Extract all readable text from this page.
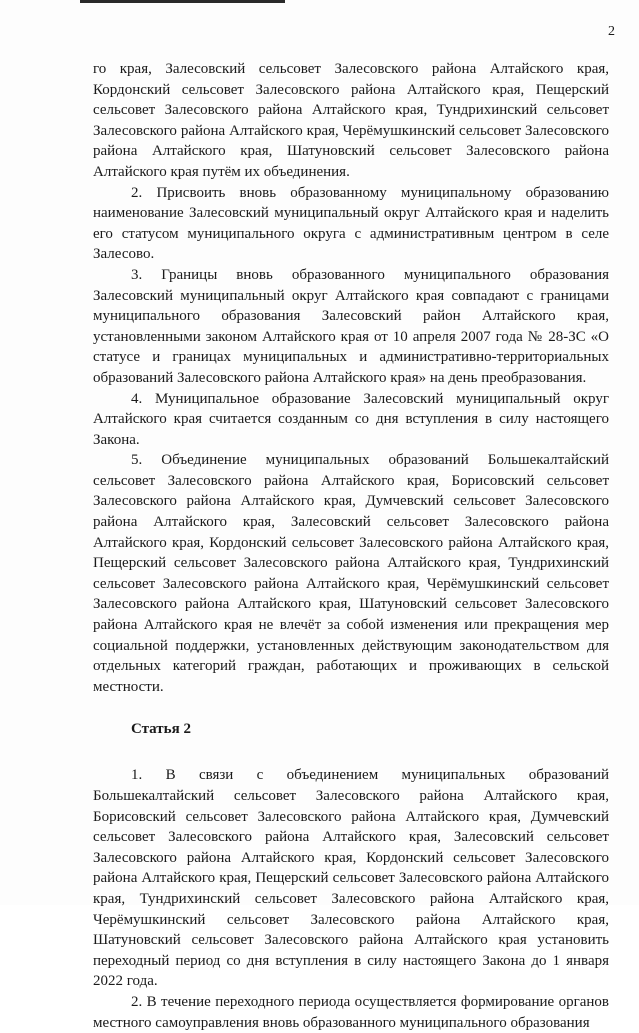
2

го края, Залесовский сельсовет Залесовского района Алтайского края, Кордонский сельсовет Залесовского района Алтайского края, Пещерский сельсовет Залесовского района Алтайского края, Тундрихинский сельсовет Залесовского района Алтайского края, Черёмушкинский сельсовет Залесовского района Алтайского края, Шатуновский сельсовет Залесовского района Алтайского края путём их объединения.

2. Присвоить вновь образованному муниципальному образованию наименование Залесовский муниципальный округ Алтайского края и наделить его статусом муниципального округа с административным центром в селе Залесово.

3. Границы вновь образованного муниципального образования Залесовский муниципальный округ Алтайского края совпадают с границами муниципального образования Залесовский район Алтайского края, установленными законом Алтайского края от 10 апреля 2007 года № 28-ЗС «О статусе и границах муниципальных и административно-территориальных образований Залесовского района Алтайского края» на день преобразования.

4. Муниципальное образование Залесовский муниципальный округ Алтайского края считается созданным со дня вступления в силу настоящего Закона.

5. Объединение муниципальных образований Большекалтайский сельсовет Залесовского района Алтайского края, Борисовский сельсовет Залесовского района Алтайского края, Думчевский сельсовет Залесовского района Алтайского края, Залесовский сельсовет Залесовского района Алтайского края, Кордонский сельсовет Залесовского района Алтайского края, Пещерский сельсовет Залесовского района Алтайского края, Тундрихинский сельсовет Залесовского района Алтайского края, Черёмушкинский сельсовет Залесовского района Алтайского края, Шатуновский сельсовет Залесовского района Алтайского края не влечёт за собой изменения или прекращения мер социальной поддержки, установленных действующим законодательством для отдельных категорий граждан, работающих и проживающих в сельской местности.

Статья 2

1. В связи с объединением муниципальных образований Большекалтайский сельсовет Залесовского района Алтайского края, Борисовский сельсовет Залесовского района Алтайского края, Думчевский сельсовет Залесовского района Алтайского края, Залесовский сельсовет Залесовского района Алтайского края, Кордонский сельсовет Залесовского района Алтайского края, Пещерский сельсовет Залесовского района Алтайского края, Тундрихинский сельсовет Залесовского района Алтайского края, Черёмушкинский сельсовет Залесовского района Алтайского края, Шатуновский сельсовет Залесовского района Алтайского края установить переходный период со дня вступления в силу настоящего Закона до 1 января 2022 года.

2. В течение переходного периода осуществляется формирование органов местного самоуправления вновь образованного муниципального образования
